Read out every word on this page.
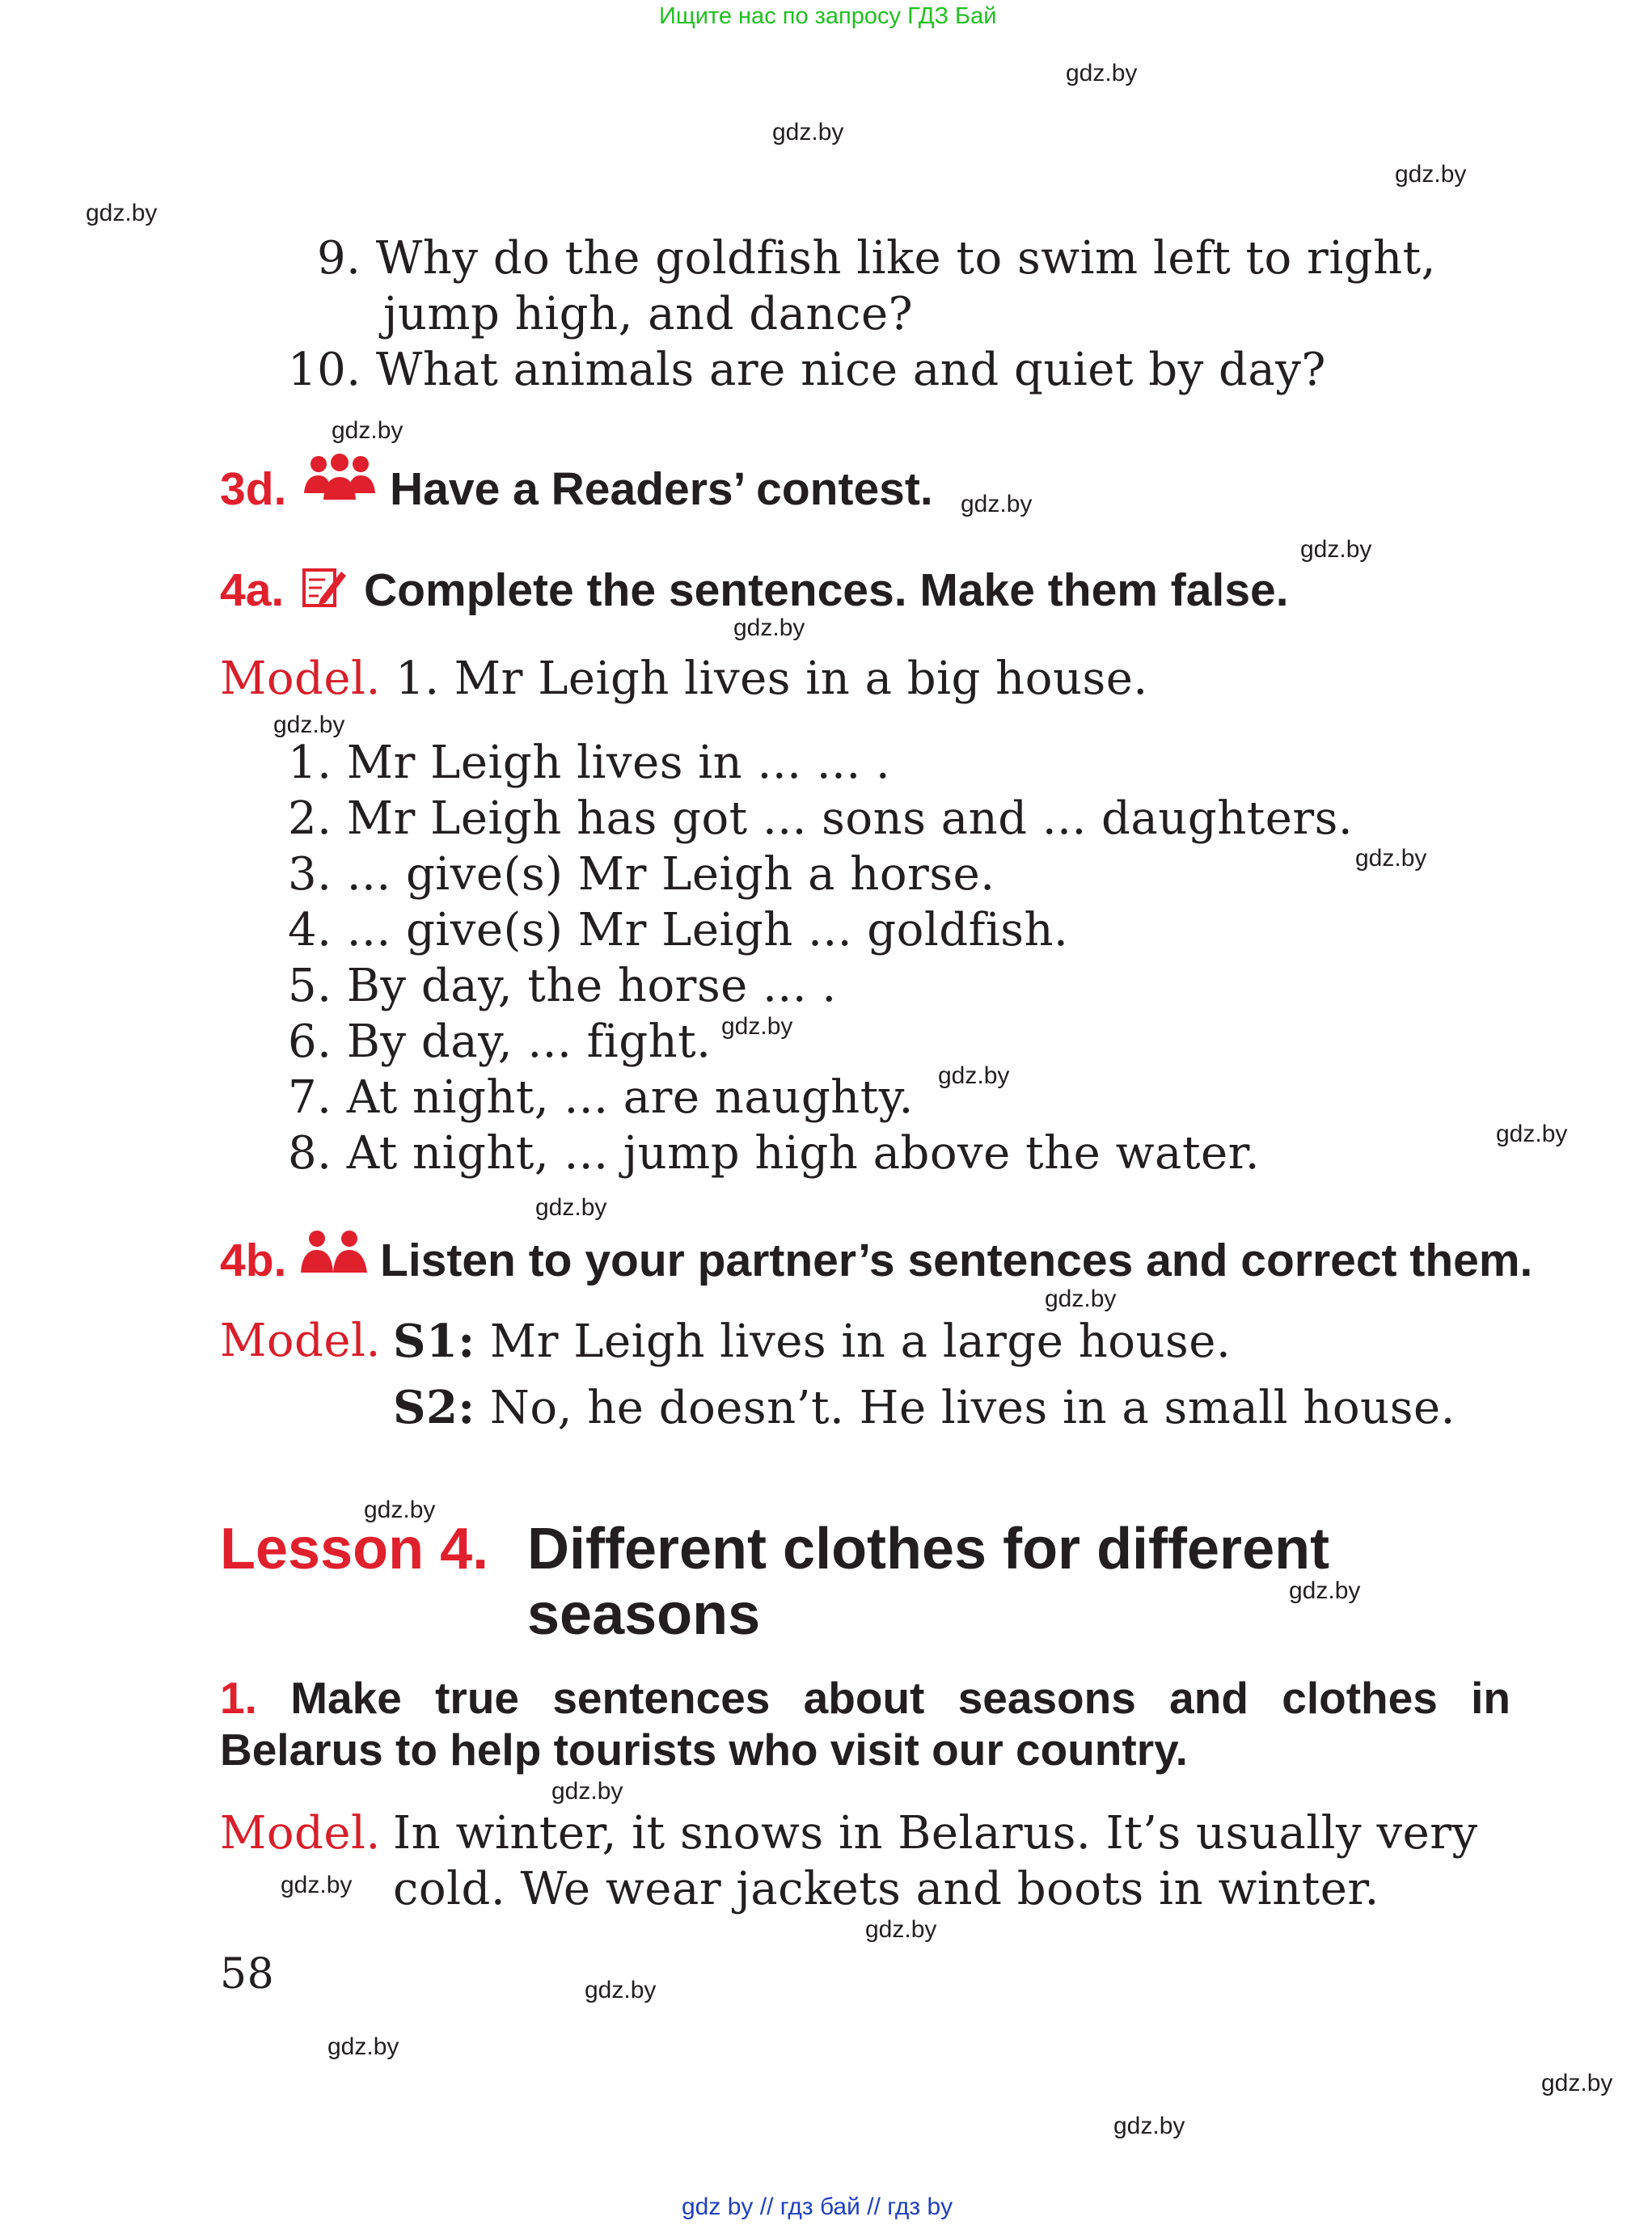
Ищите нас по запросу ГДЗ Бай
gdz.by
gdz.by
gdz.by
gdz.by
gdz.by
gdz.by
gdz.by
gdz.by
gdz.by
gdz.by
gdz.by
gdz.by
gdz.by
gdz.by
gdz.by
gdz.by
gdz.by
gdz.by
gdz.by
gdz.by
gdz.by
gdz.by
gdz.by
gdz.by
9. Why do the goldfish like to swim left to right,
jump high, and dance?
10. What animals are nice and quiet by day?
3d. Have a Readers’ contest.
4a. Complete the sentences. Make them false.
Model. 1. Mr Leigh lives in a big house.
1. Mr Leigh lives in ... ... .
2. Mr Leigh has got ... sons and ... daughters.
3. ... give(s) Mr Leigh a horse.
4. ... give(s) Mr Leigh ... goldfish.
5. By day, the horse ... .
6. By day, ... fight.
7. At night, ... are naughty.
8. At night, ... jump high above the water.
4b. Listen to your partner’s sentences and correct them.
Model. S1: Mr Leigh lives in a large house.
S2: No, he doesn’t. He lives in a small house.
Lesson 4. Different clothes for different
seasons
1. Make true sentences about seasons and clothes in
Belarus to help tourists who visit our country.
Model. In winter, it snows in Belarus. It’s usually very
cold. We wear jackets and boots in winter.
58
gdz by // гдз бай // гдз by
